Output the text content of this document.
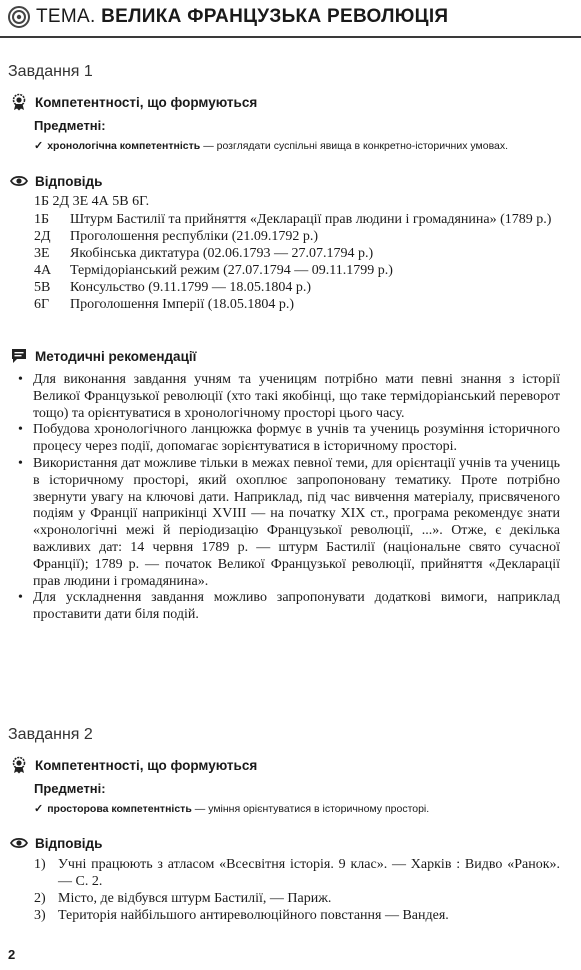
ТЕМА. ВЕЛИКА ФРАНЦУЗЬКА РЕВОЛЮЦІЯ
Завдання 1
Компетентності, що формуються
Предметні:
✓ хронологічна компетентність — розглядати суспільні явища в конкретно-історичних умовах.
Відповідь
1Б 2Д 3Е 4А 5В 6Г.
1Б	Штурм Бастилії та прийняття «Декларації прав людини і громадянина» (1789 р.)
2Д	Проголошення республіки (21.09.1792 р.)
3Е	Якобінська диктатура (02.06.1793 — 27.07.1794 р.)
4А	Термідоріанський режим (27.07.1794 — 09.11.1799 р.)
5В	Консульство (9.11.1799 — 18.05.1804 р.)
6Г	Проголошення Імперії (18.05.1804 р.)
Методичні рекомендації
• Для виконання завдання учням та ученицям потрібно мати певні знання з історії Великої Французької революції (хто такі якобінці, що таке термідоріанський переворот тощо) та орієнтуватися в хронологічному просторі цього часу.
• Побудова хронологічного ланцюжка формує в учнів та учениць розуміння історичного процесу через події, допомагає зорієнтуватися в історичному просторі.
• Використання дат можливе тільки в межах певної теми, для орієнтації учнів та учениць в історичному просторі, який охоплює запропоновану тематику. Проте потрібно звернути увагу на ключові дати. Наприклад, під час вивчення матеріалу, присвяченого подіям у Франції наприкінці XVIII — на початку XIX ст., програма рекомендує знати «хронологічні межі й періодизацію Французької революції, ...». Отже, є декілька важливих дат: 14 червня 1789 р. — штурм Бастилії (національне свято сучасної Франції); 1789 р. — початок Великої Французької революції, прийняття «Декларації прав людини і громадянина».
• Для ускладнення завдання можливо запропонувати додаткові вимоги, наприклад проставити дати біля подій.
Завдання 2
Компетентності, що формуються
Предметні:
✓ просторова компетентність — уміння орієнтуватися в історичному просторі.
Відповідь
1) Учні працюють з атласом «Всесвітня історія. 9 клас». — Харків : Видво «Ранок». — С. 2.
2) Місто, де відбувся штурм Бастилії, — Париж.
3) Територія найбільшого антиреволюційного повстання — Вандея.
2
